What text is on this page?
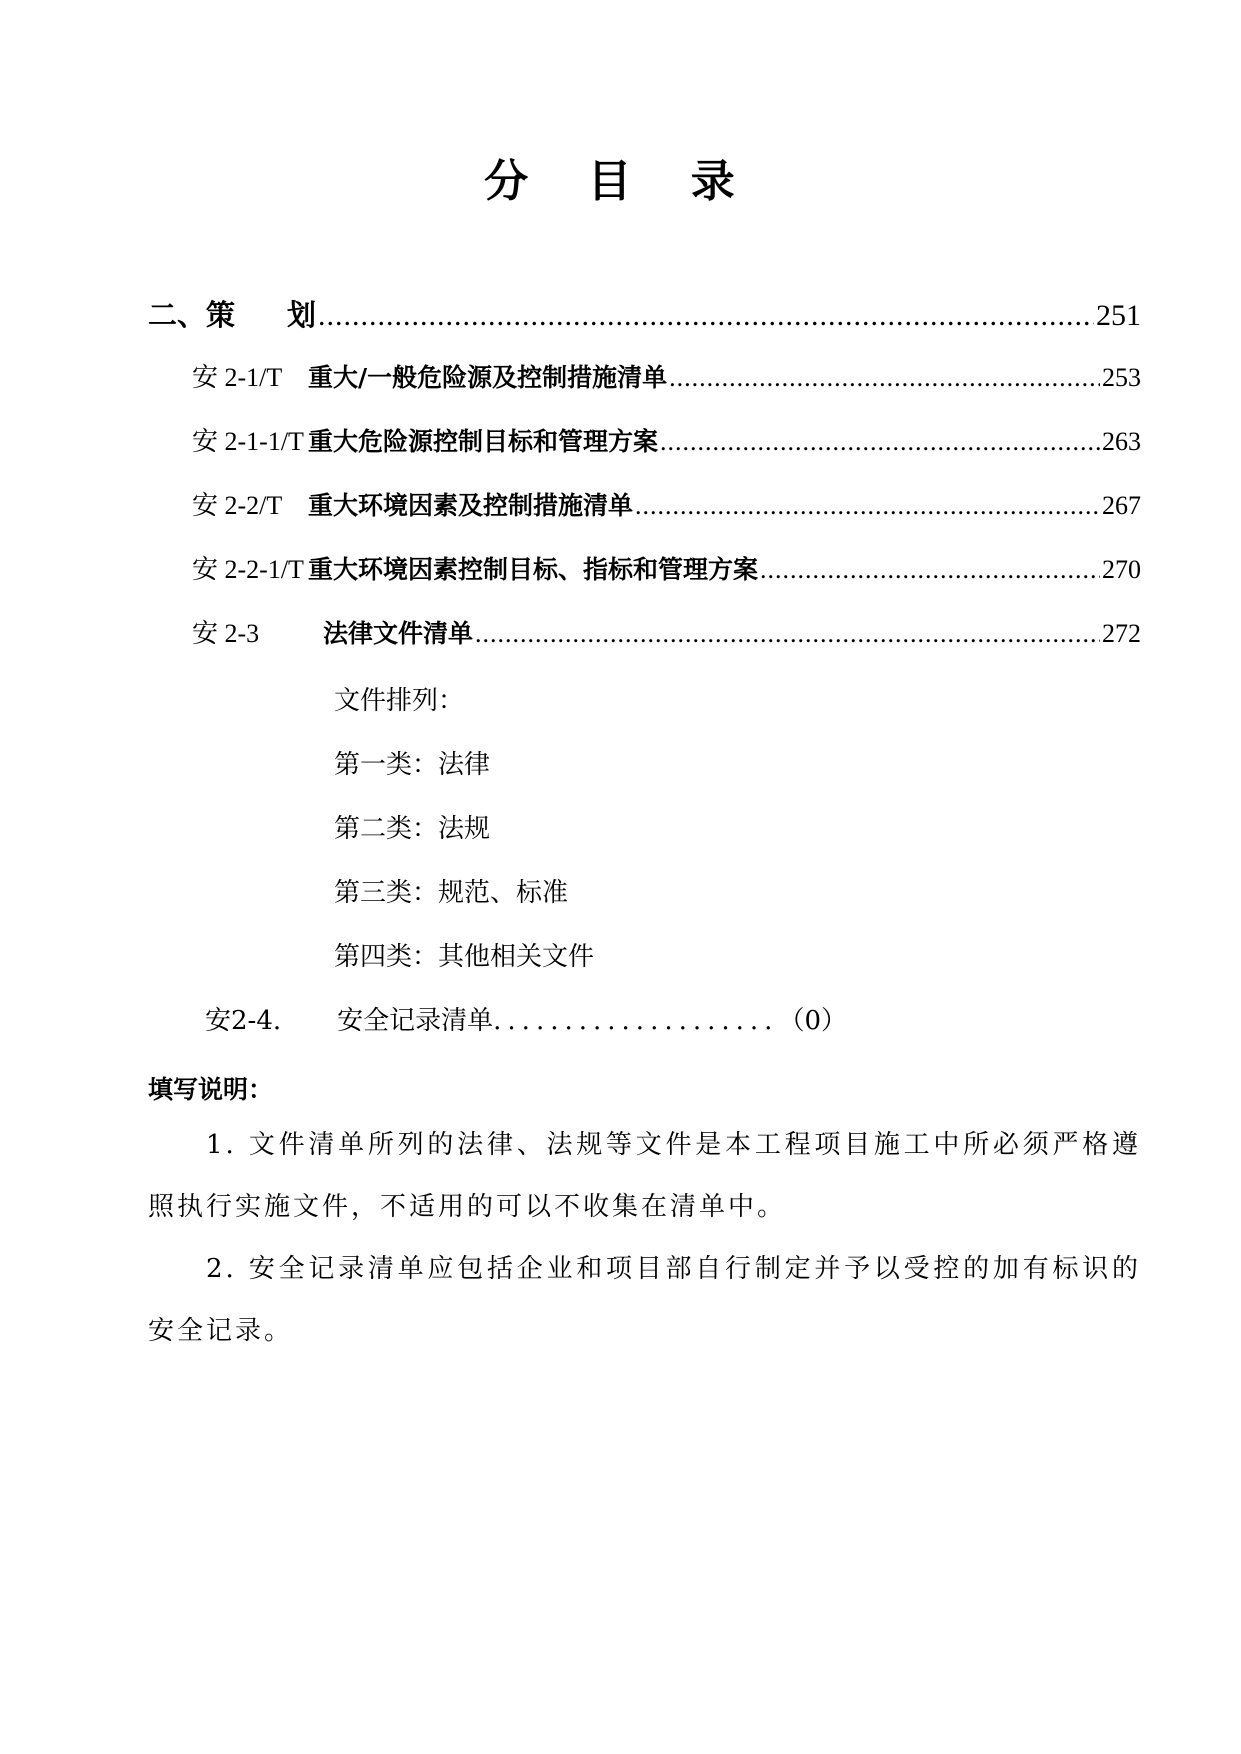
分 目 录
二、策 划 .....	251
安 2-1/T	重大/一般危险源及控制措施清单 .....	253
安 2-1-1/T 重大危险源控制目标和管理方案 .....	263
安 2-2/T	重大环境因素及控制措施清单 .....	267
安 2-2-1/T 重大环境因素控制目标、指标和管理方案 .....	270
安 2-3	法律文件清单 .....	272
文件排列：
第一类：法律
第二类：法规
第三类：规范、标准
第四类：其他相关文件
安2-4. 安全记录清单....................（0）
填写说明：
1. 文件清单所列的法律、法规等文件是本工程项目施工中所必须严格遵照执行实施文件，不适用的可以不收集在清单中。
2. 安全记录清单应包括企业和项目部自行制定并予以受控的加有标识的安全记录。
